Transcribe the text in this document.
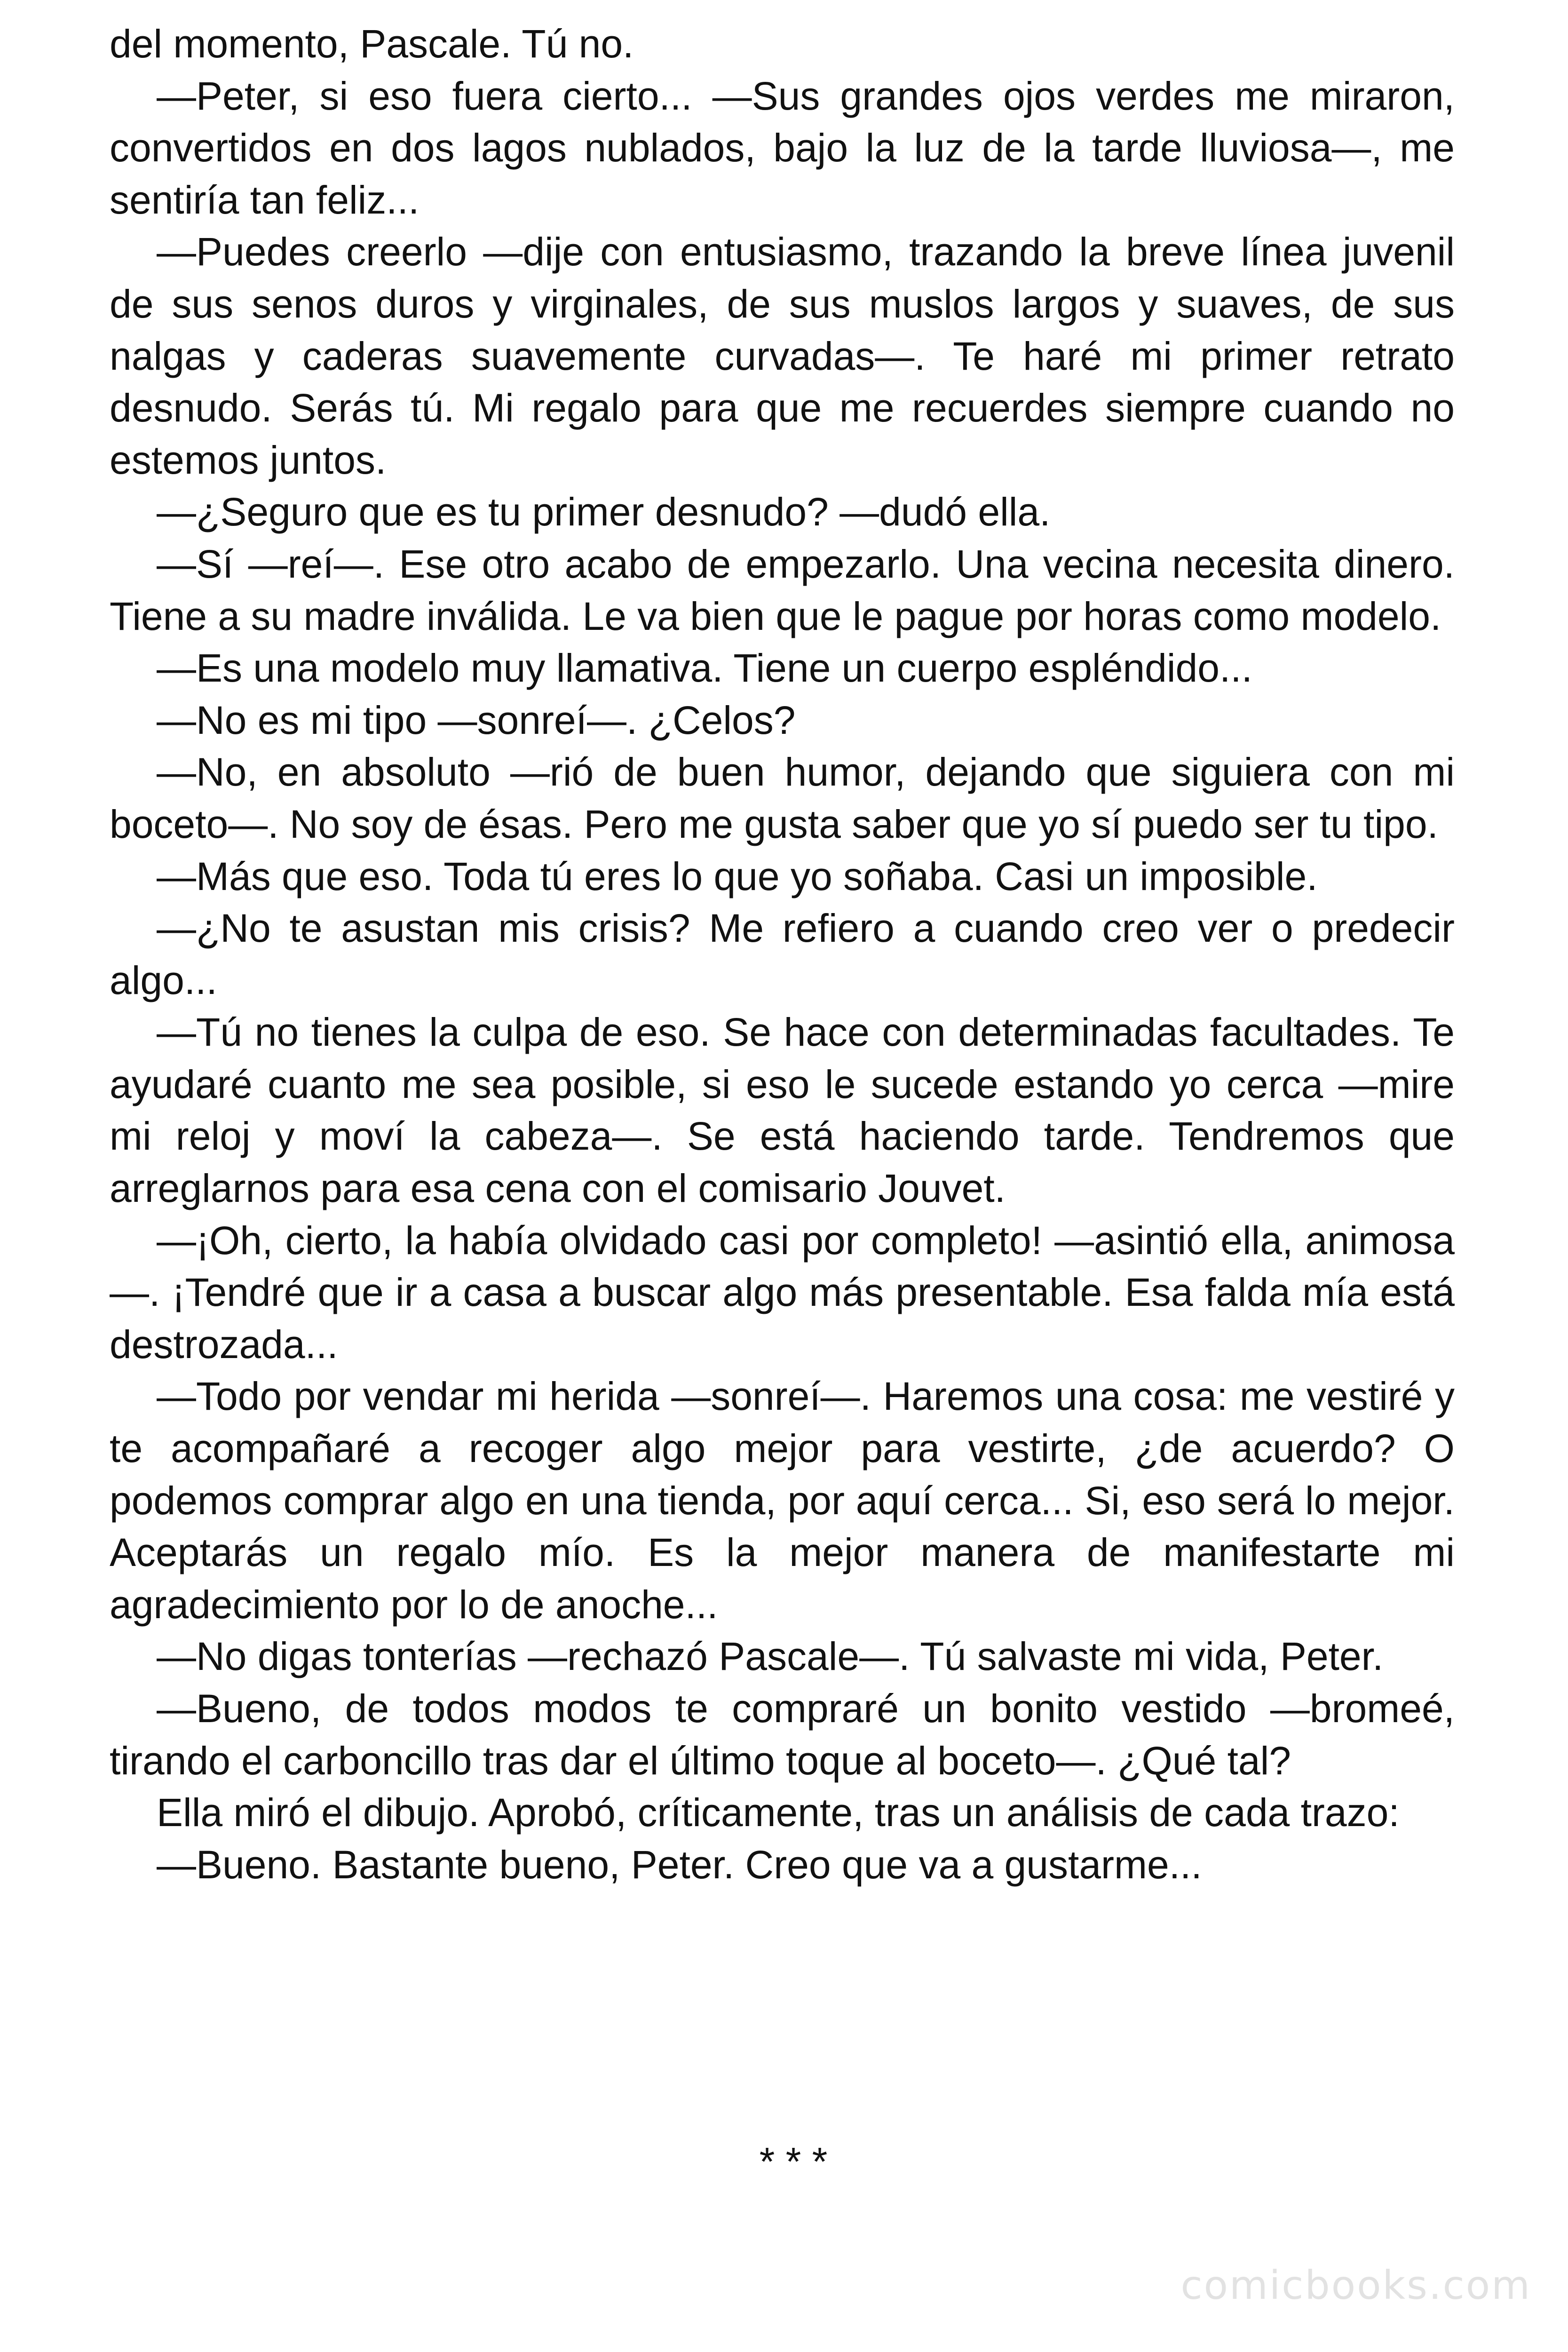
del momento, Pascale. Tú no.

—Peter, si eso fuera cierto... —Sus grandes ojos verdes me miraron, convertidos en dos lagos nublados, bajo la luz de la tarde lluviosa—, me sentiría tan feliz...

—Puedes creerlo —dije con entusiasmo, trazando la breve línea juvenil de sus senos duros y virginales, de sus muslos largos y suaves, de sus nalgas y caderas suavemente curvadas—. Te haré mi primer retrato desnudo. Serás tú. Mi regalo para que me recuerdes siempre cuando no estemos juntos.

—¿Seguro que es tu primer desnudo? —dudó ella.

—Sí —reí—. Ese otro acabo de empezarlo. Una vecina necesita dinero. Tiene a su madre inválida. Le va bien que le pague por horas como modelo.

—Es una modelo muy llamativa. Tiene un cuerpo espléndido...

—No es mi tipo —sonreí—. ¿Celos?

—No, en absoluto —rió de buen humor, dejando que siguiera con mi boceto—. No soy de ésas. Pero me gusta saber que yo sí puedo ser tu tipo.

—Más que eso. Toda tú eres lo que yo soñaba. Casi un imposible.

—¿No te asustan mis crisis? Me refiero a cuando creo ver o predecir algo...

—Tú no tienes la culpa de eso. Se hace con determinadas facultades. Te ayudaré cuanto me sea posible, si eso le sucede estando yo cerca —mire mi reloj y moví la cabeza—. Se está haciendo tarde. Tendremos que arreglarnos para esa cena con el comisario Jouvet.

—¡Oh, cierto, la había olvidado casi por completo! —asintió ella, animosa—. ¡Tendré que ir a casa a buscar algo más presentable. Esa falda mía está destrozada...

—Todo por vendar mi herida —sonreí—. Haremos una cosa: me vestiré y te acompañaré a recoger algo mejor para vestirte, ¿de acuerdo? O podemos comprar algo en una tienda, por aquí cerca... Si, eso será lo mejor. Aceptarás un regalo mío. Es la mejor manera de manifestarte mi agradecimiento por lo de anoche...

—No digas tonterías —rechazó Pascale—. Tú salvaste mi vida, Peter.

—Bueno, de todos modos te compraré un bonito vestido —bromeé, tirando el carboncillo tras dar el último toque al boceto—. ¿Qué tal?

Ella miró el dibujo. Aprobó, críticamente, tras un análisis de cada trazo:

—Bueno. Bastante bueno, Peter. Creo que va a gustarme...

* * *
comicbooks.com
